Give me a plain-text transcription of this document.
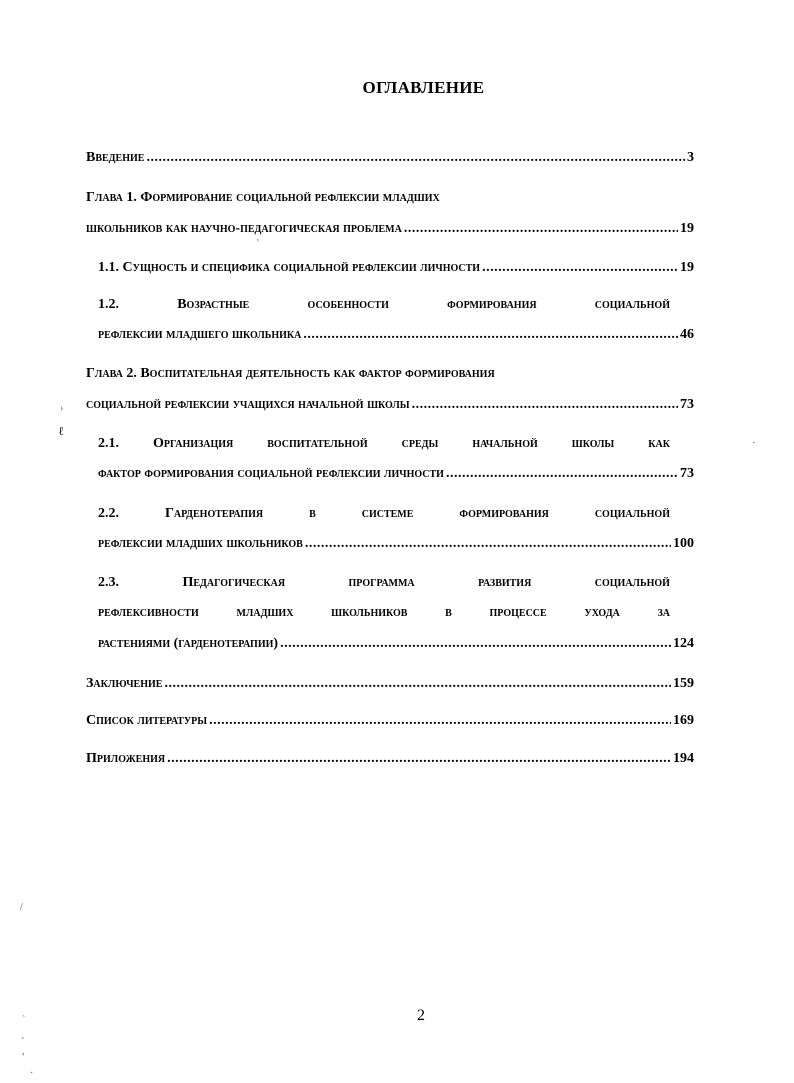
ОГЛАВЛЕНИЕ
Введение .....	3
Глава 1. Формирование социальной рефлексии младших
школьников как научно-педагогическая проблема .....	19
1.1. Сущность и специфика социальной рефлексии личности .....	19
1.2.	Возрастные	особенности	формирования	социальной
рефлексии младшего школьника .....	46
Глава 2. Воспитательная деятельность как фактор формирования
социальной рефлексии учащихся начальной школы .....	73
2.1. Организация воспитательной среды начальной школы как
фактор формирования социальной рефлексии личности .....	73
2.2.	Гарденотерапия	в	системе	формирования	социальной
рефлексии младших школьников .....	100
2.3.	Педагогическая	программа	развития	социальной
рефлексивности	младших	школьников	в	процессе	ухода	за
растениями (гарденотерапии) .....	124
Заключение .....	159
Список литературы .....	169
Приложения .....	194
'
›
ℓ
·
/
`
'
,
·
2
